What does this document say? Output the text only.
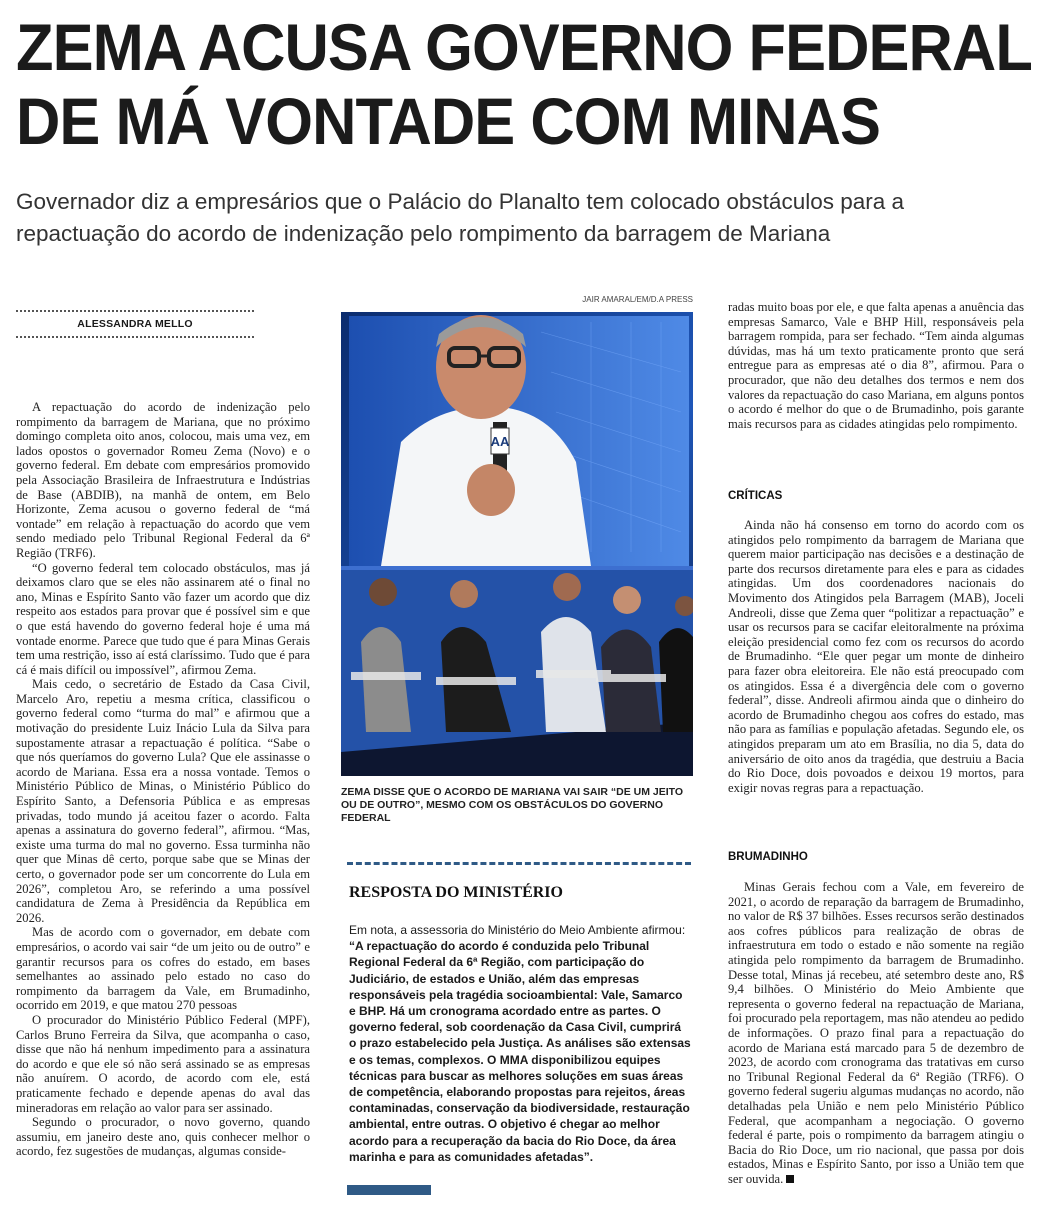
ZEMA ACUSA GOVERNO FEDERAL
DE MÁ VONTADE COM MINAS

Governador diz a empresários que o Palácio do Planalto tem colocado obstáculos para a repactuação do acordo de indenização pelo rompimento da barragem de Mariana

ALESSANDRA MELLO

A repactuação do acordo de indenização pelo rompimento da barragem de Mariana, que no próximo domingo completa oito anos, colocou, mais uma vez, em lados opostos o governador Romeu Zema (Novo) e o governo federal. Em debate com empresários promovido pela Associação Brasileira de Infraestrutura e Indústrias de Base (ABDIB), na manhã de ontem, em Belo Horizonte, Zema acusou o governo federal de “má vontade” em relação à repactuação do acordo que vem sendo mediado pelo Tribunal Regional Federal da 6ª Região (TRF6).

“O governo federal tem colocado obstáculos, mas já deixamos claro que se eles não assinarem até o final no ano, Minas e Espírito Santo vão fazer um acordo que diz respeito aos estados para provar que é possível sim e que o que está havendo do governo federal hoje é uma má vontade enorme. Parece que tudo que é para Minas Gerais tem uma restrição, isso aí está claríssimo. Tudo que é para cá é mais difícil ou impossível”, afirmou Zema.

Mais cedo, o secretário de Estado da Casa Civil, Marcelo Aro, repetiu a mesma crítica, classificou o governo federal como “turma do mal” e afirmou que a motivação do presidente Luiz Inácio Lula da Silva para supostamente atrasar a repactuação é política. “Sabe o que nós queríamos do governo Lula? Que ele assinasse o acordo de Mariana. Essa era a nossa vontade. Temos o Ministério Público de Minas, o Ministério Público do Espírito Santo, a Defensoria Pública e as empresas privadas, todo mundo já aceitou fazer o acordo. Falta apenas a assinatura do governo federal”, afirmou. “Mas, existe uma turma do mal no governo. Essa turminha não quer que Minas dê certo, porque sabe que se Minas der certo, o governador pode ser um concorrente do Lula em 2026”, completou Aro, se referindo a uma possível candidatura de Zema à Presidência da República em 2026.

Mas de acordo com o governador, em debate com empresários, o acordo vai sair “de um jeito ou de outro” e garantir recursos para os cofres do estado, em bases semelhantes ao assinado pelo estado no caso do rompimento da barragem da Vale, em Brumadinho, ocorrido em 2019, e que matou 270 pessoas

O procurador do Ministério Público Federal (MPF), Carlos Bruno Ferreira da Silva, que acompanha o caso, disse que não há nenhum impedimento para a assinatura do acordo e que ele só não será assinado se as empresas não anuírem. O acordo, de acordo com ele, está praticamente fechado e depende apenas do aval das mineradoras em relação ao valor para ser assinado.

Segundo o procurador, o novo governo, quando assumiu, em janeiro deste ano, quis conhecer melhor o acordo, fez sugestões de mudanças, algumas conside-

JAIR AMARAL/EM/D.A PRESS
AA
ZEMA DISSE QUE O ACORDO DE MARIANA VAI SAIR “DE UM JEITO OU DE OUTRO”, MESMO COM OS OBSTÁCULOS DO GOVERNO FEDERAL
RESPOSTA DO MINISTÉRIO

Em nota, a assessoria do Ministério do Meio Ambiente afirmou:

“A repactuação do acordo é conduzida pelo Tribunal Regional Federal da 6ª Região, com participação do Judiciário, de estados e União, além das empresas responsáveis pela tragédia socioambiental: Vale, Samarco e BHP. Há um cronograma acordado entre as partes. O governo federal, sob coordenação da Casa Civil, cumprirá o prazo estabelecido pela Justiça. As análises são extensas e os temas, complexos. O MMA disponibilizou equipes técnicas para buscar as melhores soluções em suas áreas de competência, elaborando propostas para rejeitos, áreas contaminadas, conservação da biodiversidade, restauração ambiental, entre outras. O objetivo é chegar ao melhor acordo para a recuperação da bacia do Rio Doce, da área marinha e para as comunidades afetadas”.

radas muito boas por ele, e que falta apenas a anuência das empresas Samarco, Vale e BHP Hill, responsáveis pela barragem rompida, para ser fechado. “Tem ainda algumas dúvidas, mas há um texto praticamente pronto que será entregue para as empresas até o dia 8”, afirmou. Para o procurador, que não deu detalhes dos termos e nem dos valores da repactuação do caso Mariana, em alguns pontos o acordo é melhor do que o de Brumadinho, pois garante mais recursos para as cidades atingidas pelo rompimento.

CRÍTICAS

Ainda não há consenso em torno do acordo com os atingidos pelo rompimento da barragem de Mariana que querem maior participação nas decisões e a destinação de parte dos recursos diretamente para eles e para as cidades atingidas. Um dos coordenadores nacionais do Movimento dos Atingidos pela Barragem (MAB), Joceli Andreoli, disse que Zema quer “politizar a repactuação” e usar os recursos para se cacifar eleitoralmente na próxima eleição presidencial como fez com os recursos do acordo de Brumadinho. “Ele quer pegar um monte de dinheiro para fazer obra eleitoreira. Ele não está preocupado com os atingidos. Essa é a divergência dele com o governo federal”, disse. Andreoli afirmou ainda que o dinheiro do acordo de Brumadinho chegou aos cofres do estado, mas não para as famílias e população afetadas. Segundo ele, os atingidos preparam um ato em Brasília, no dia 5, data do aniversário de oito anos da tragédia, que destruiu a Bacia do Rio Doce, dois povoados e deixou 19 mortos, para exigir novas regras para a repactuação.

BRUMADINHO

Minas Gerais fechou com a Vale, em fevereiro de 2021, o acordo de reparação da barragem de Brumadinho, no valor de R$ 37 bilhões. Esses recursos serão destinados aos cofres públicos para realização de obras de infraestrutura em todo o estado e não somente na região atingida pelo rompimento da barragem de Brumadinho. Desse total, Minas já recebeu, até setembro deste ano, R$ 9,4 bilhões. O Ministério do Meio Ambiente que representa o governo federal na repactuação de Mariana, foi procurado pela reportagem, mas não atendeu ao pedido de informações. O prazo final para a repactuação do acordo de Mariana está marcado para 5 de dezembro de 2023, de acordo com cronograma das tratativas em curso no Tribunal Regional Federal da 6ª Região (TRF6). O governo federal sugeriu algumas mudanças no acordo, não detalhadas pela União e nem pelo Ministério Público Federal, que acompanham a negociação. O governo federal é parte, pois o rompimento da barragem atingiu o Bacia do Rio Doce, um rio nacional, que passa por dois estados, Minas e Espírito Santo, por isso a União tem que ser ouvida.
